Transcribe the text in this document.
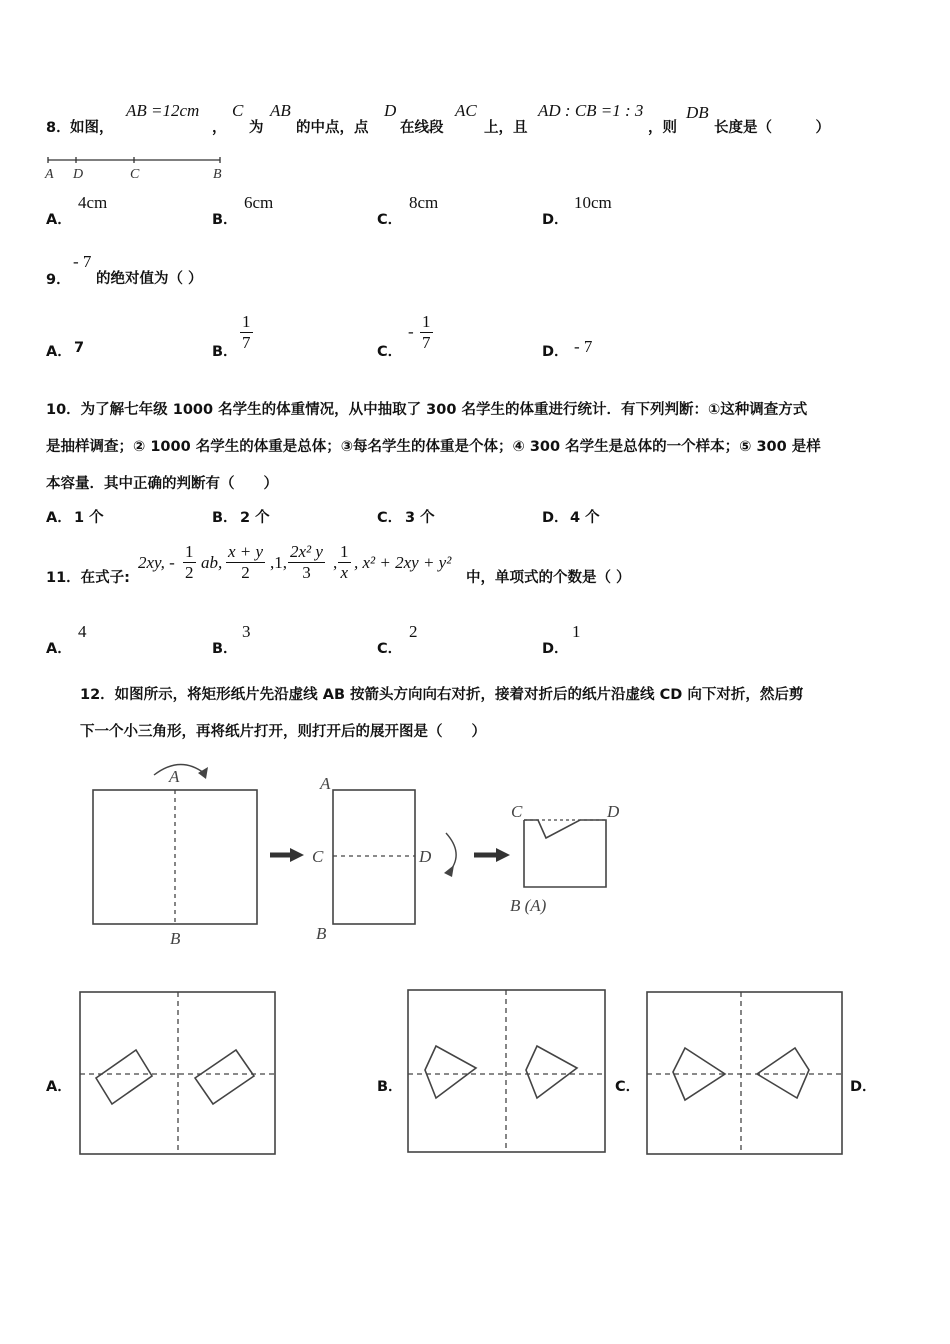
8． 如图，
AB =12cm
，
C
为
AB
的中点，点
D
在线段
AC
上，且
AD : CB =1 : 3
，则
DB
长度是（　　　）
A D	C	B
A．
4cm
B．
6cm
C．
8cm
D．
10cm
9．
- 7
的绝对值为（ ）
A． 7	B． $\frac{1}{7}$	C．
- $\frac{1}{7}$	D． - 7
10．为了解七年级 1000 名学生的体重情况，从中抽取了 300 名学生的体重进行统计．有下列判断：①这种调查方式
是抽样调查；② 1000 名学生的体重是总体；③每名学生的体重是个体；④ 300 名学生是总体的一个样本；⑤ 300 是样
本容量．其中正确的判断有（　　）
A． 1 个	B． 2 个	C． 3 个	D． 4 个
11．在式子:
2xy, - $\frac{1}{2}$ ab, $\frac{x + y}{2} ,1$, $\frac{\text{2x² y}}{3}$ , $\frac{1}{x}$ , x² + 2xy + y²
中，单项式的个数是（ ）
A．
4
B．
3
C．
2
D．
1
12．如图所示，将矩形纸片先沿虚线 AB 按箭头方向向右对折，接着对折后的纸片沿虚线 CD 向下对折，然后剪
下一个小三角形，再将纸片打开，则打开后的展开图是（　　）
A
B
A
C	D
B
C	D
B (A)
A．	B．	C．	D．
